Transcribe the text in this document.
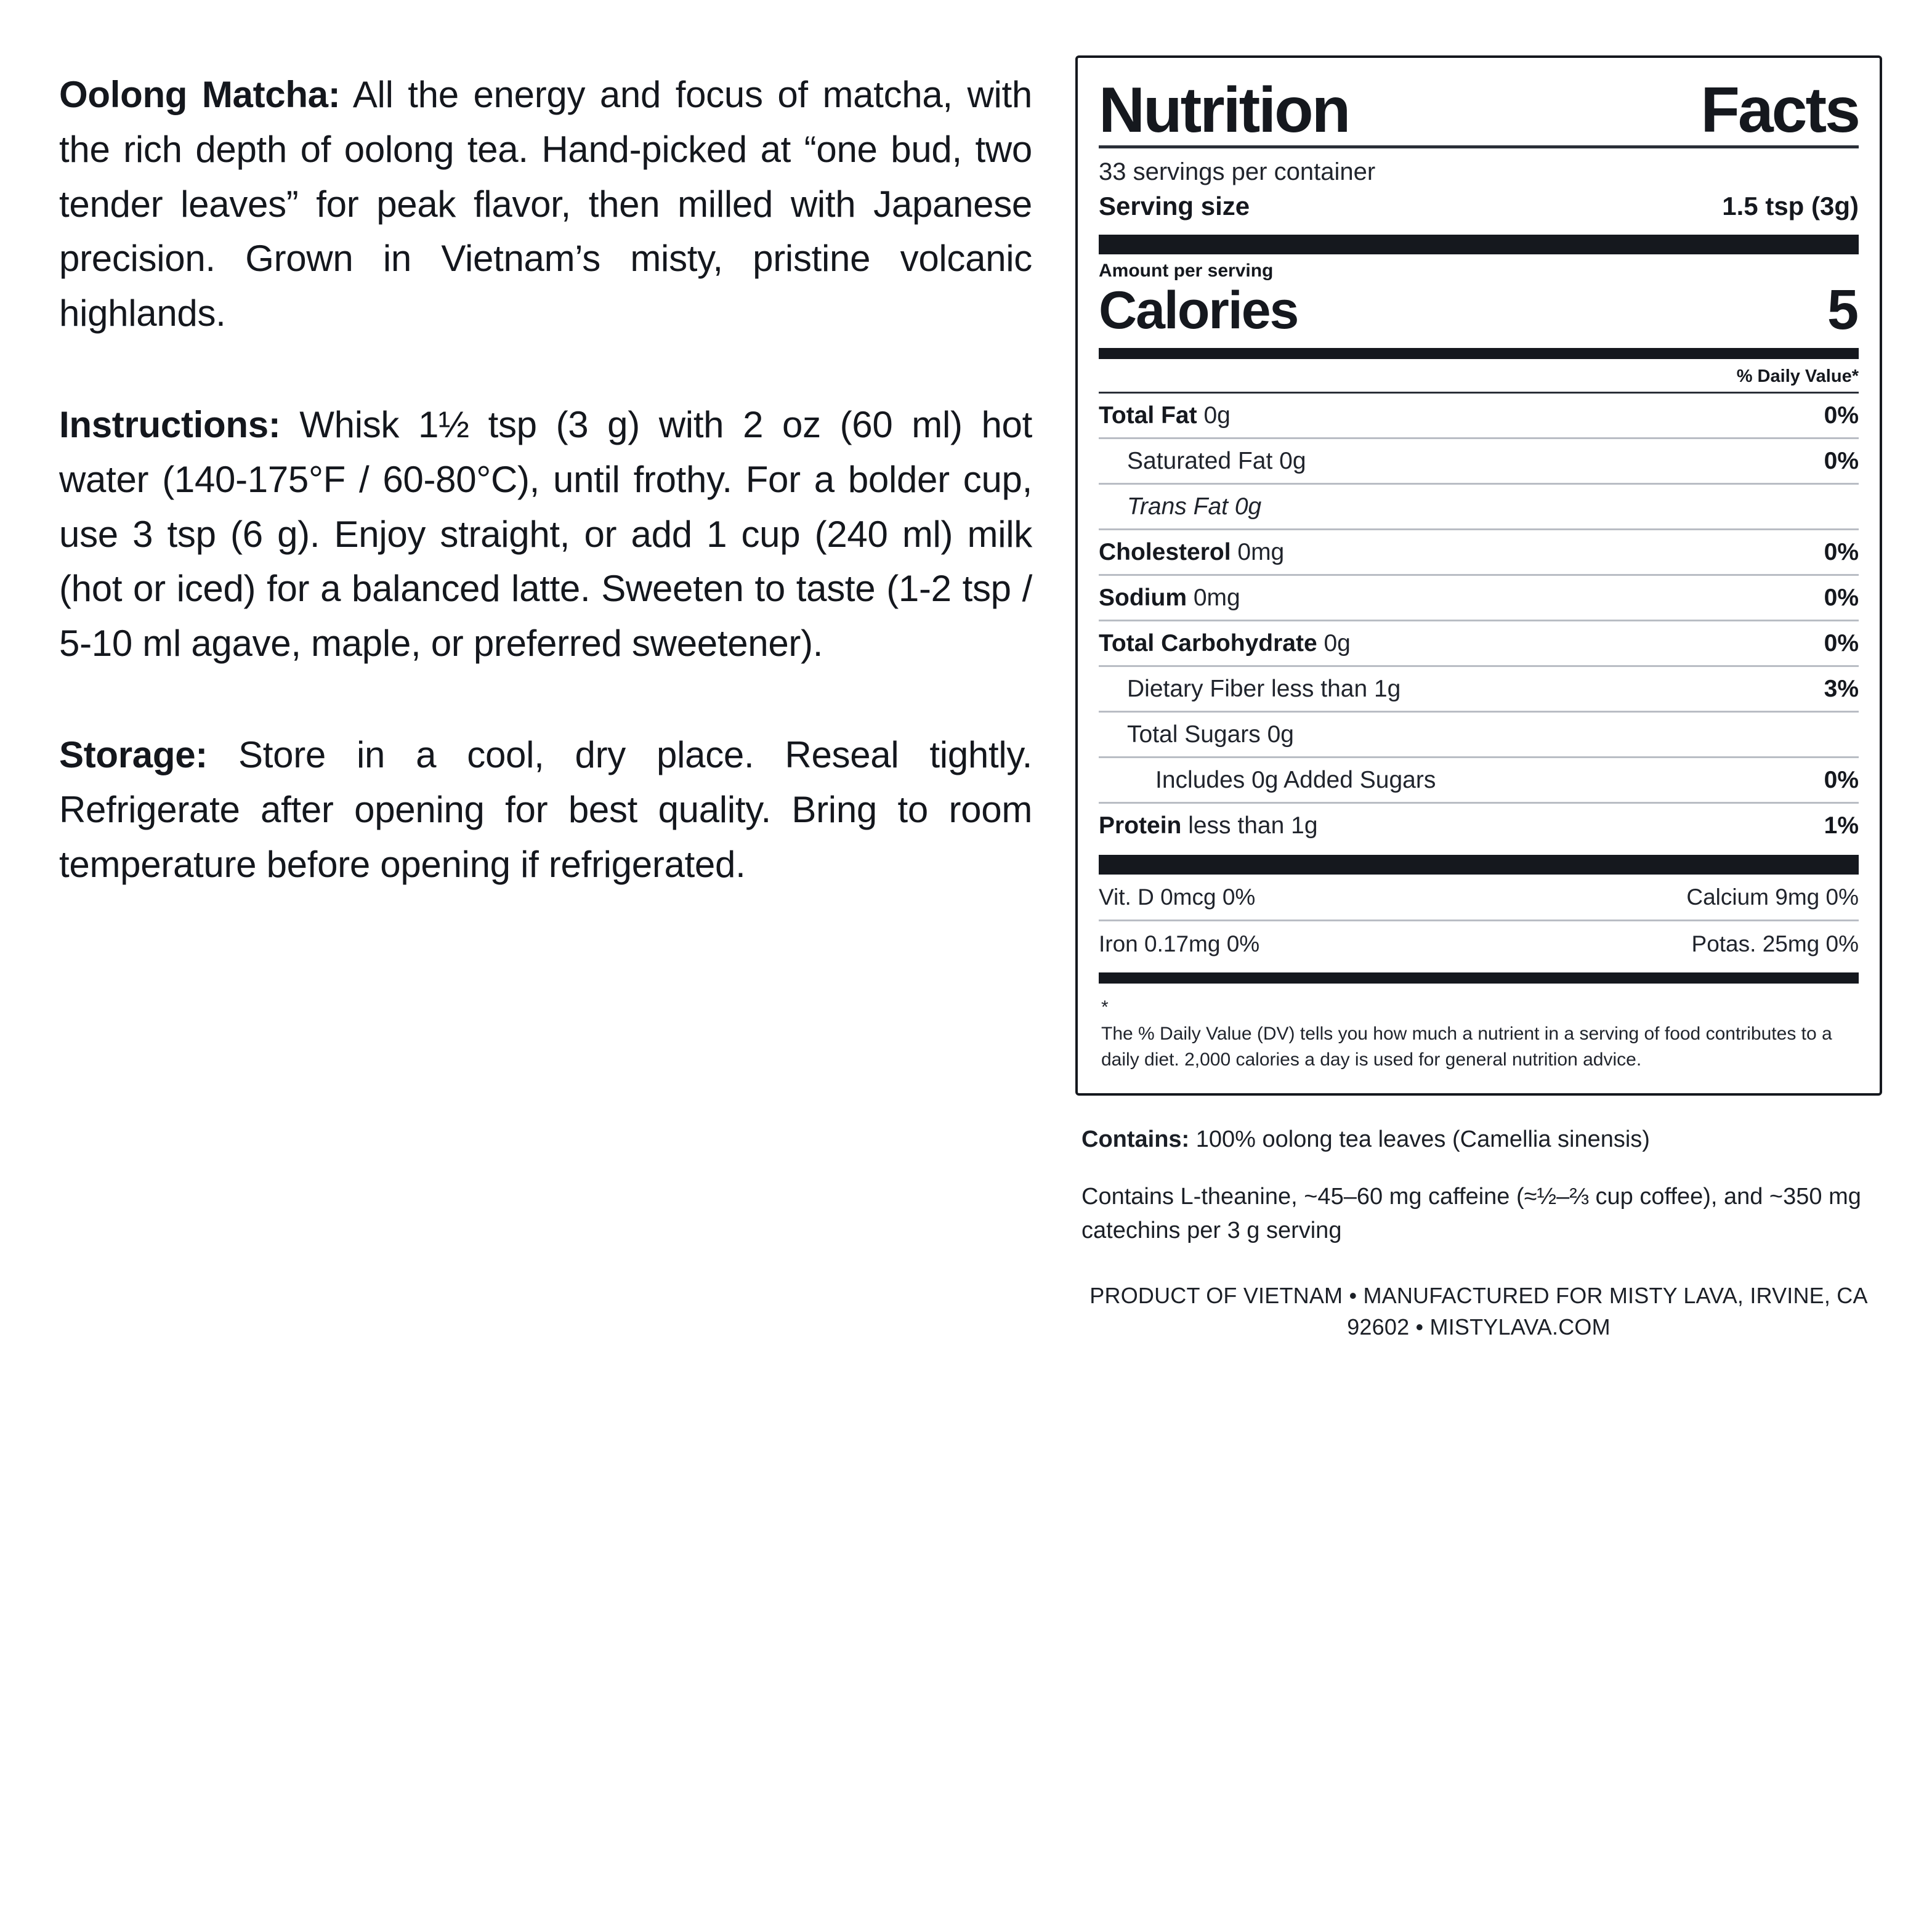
Oolong Matcha: All the energy and focus of matcha, with the rich depth of oolong tea. Hand-picked at “one bud, two tender leaves” for peak flavor, then milled with Japanese precision. Grown in Vietnam’s misty, pristine volcanic highlands.

Instructions: Whisk 1½ tsp (3 g) with 2 oz (60 ml) hot water (140-175°F / 60-80°C), until frothy. For a bolder cup, use 3 tsp (6 g). Enjoy straight, or add 1 cup (240 ml) milk (hot or iced) for a balanced latte. Sweeten to taste (1-2 tsp / 5-10 ml agave, maple, or preferred sweetener).

Storage: Store in a cool, dry place. Reseal tightly. Refrigerate after opening for best quality. Bring to room temperature before opening if refrigerated.

Nutrition	Facts
33 servings per container
Serving size	1.5 tsp (3g)
Amount per serving
Calories	5
% Daily Value*
Total Fat 0g	0%
Saturated Fat 0g	0%
Trans Fat 0g
Cholesterol 0mg	0%
Sodium 0mg	0%
Total Carbohydrate 0g	0%
Dietary Fiber less than 1g	3%
Total Sugars 0g
Includes 0g Added Sugars	0%
Protein less than 1g	1%
Vit. D 0mcg 0%	Calcium 9mg 0%
Iron 0.17mg 0%	Potas. 25mg 0%
* The % Daily Value (DV) tells you how much a nutrient in a serving of food contributes to a daily diet. 2,000 calories a day is used for general nutrition advice.

Contains: 100% oolong tea leaves (Camellia sinensis)

Contains L-theanine, ~45–60 mg caffeine (≈½–⅔ cup coffee), and ~350 mg catechins per 3 g serving

PRODUCT OF VIETNAM • MANUFACTURED FOR MISTY LAVA, IRVINE, CA 92602 • MISTYLAVA.COM
